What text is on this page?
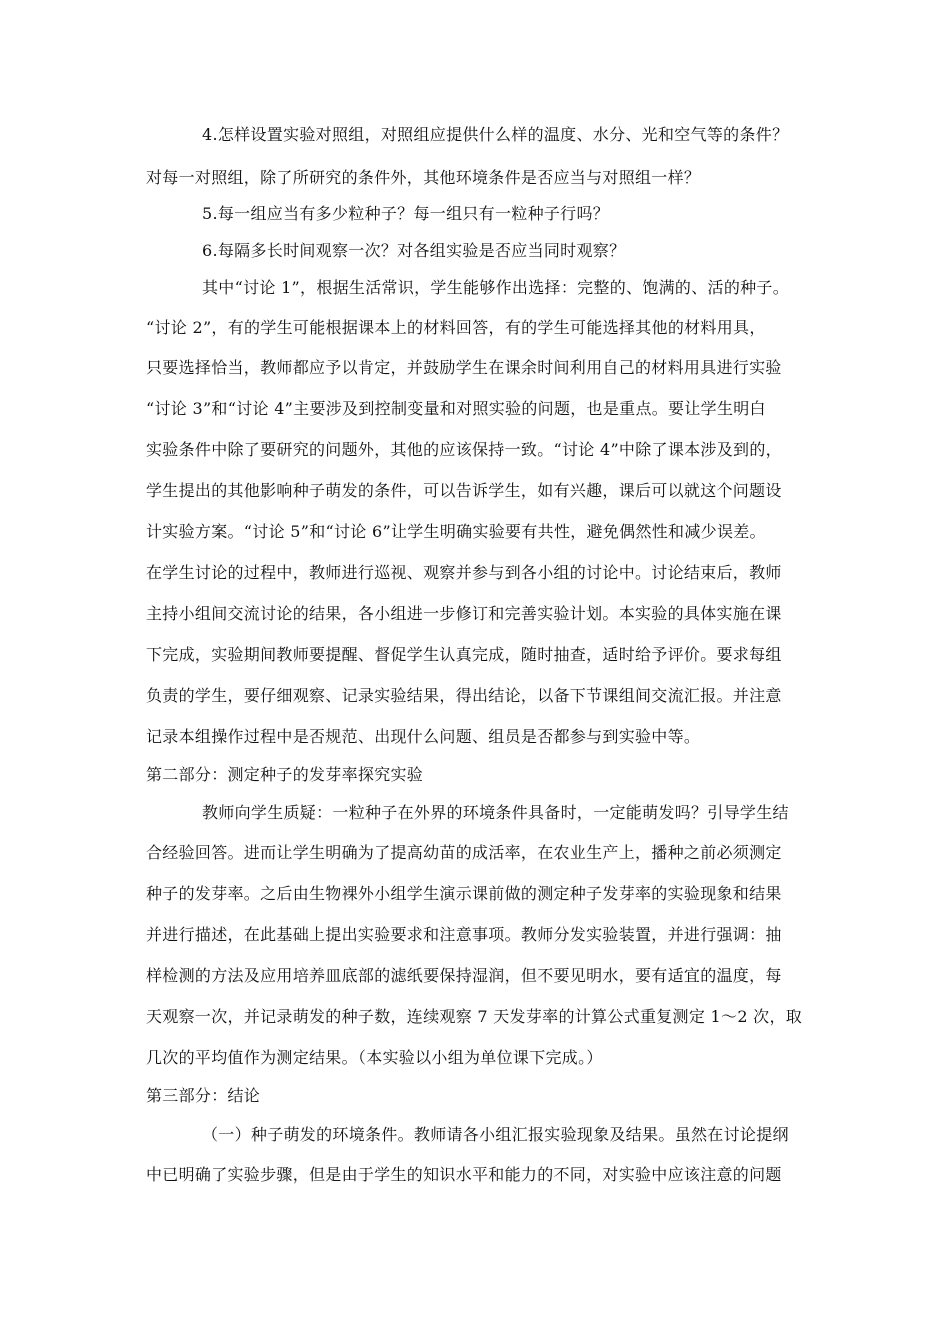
4.怎样设置实验对照组，对照组应提供什么样的温度、水分、光和空气等的条件？
对每一对照组，除了所研究的条件外，其他环境条件是否应当与对照组一样？
5.每一组应当有多少粒种子？每一组只有一粒种子行吗？
6.每隔多长时间观察一次？对各组实验是否应当同时观察？
其中“讨论 1”，根据生活常识，学生能够作出选择：完整的、饱满的、活的种子。
“讨论 2”，有的学生可能根据课本上的材料回答，有的学生可能选择其他的材料用具，
只要选择恰当，教师都应予以肯定，并鼓励学生在课余时间利用自己的材料用具进行实验
“讨论 3”和“讨论 4”主要涉及到控制变量和对照实验的问题，也是重点。要让学生明白
实验条件中除了要研究的问题外，其他的应该保持一致。“讨论 4”中除了课本涉及到的，
学生提出的其他影响种子萌发的条件，可以告诉学生，如有兴趣，课后可以就这个问题设
计实验方案。“讨论 5”和“讨论 6”让学生明确实验要有共性，避免偶然性和减少误差。
在学生讨论的过程中，教师进行巡视、观察并参与到各小组的讨论中。讨论结束后，教师
主持小组间交流讨论的结果，各小组进一步修订和完善实验计划。本实验的具体实施在课
下完成，实验期间教师要提醒、督促学生认真完成，随时抽查，适时给予评价。要求每组
负责的学生，要仔细观察、记录实验结果，得出结论，以备下节课组间交流汇报。并注意
记录本组操作过程中是否规范、出现什么问题、组员是否都参与到实验中等。
第二部分：测定种子的发芽率探究实验
教师向学生质疑：一粒种子在外界的环境条件具备时，一定能萌发吗？引导学生结
合经验回答。进而让学生明确为了提高幼苗的成活率，在农业生产上，播种之前必须测定
种子的发芽率。之后由生物裸外小组学生演示课前做的测定种子发芽率的实验现象和结果
并进行描述，在此基础上提出实验要求和注意事项。教师分发实验装置，并进行强调：抽
样检测的方法及应用培养皿底部的滤纸要保持湿润，但不要见明水，要有适宜的温度，每
天观察一次，并记录萌发的种子数，连续观察 7 天发芽率的计算公式重复测定 1～2 次，取
几次的平均值作为测定结果。（本实验以小组为单位课下完成。）
第三部分：结论
（一）种子萌发的环境条件。教师请各小组汇报实验现象及结果。虽然在讨论提纲
中已明确了实验步骤，但是由于学生的知识水平和能力的不同，对实验中应该注意的问题
